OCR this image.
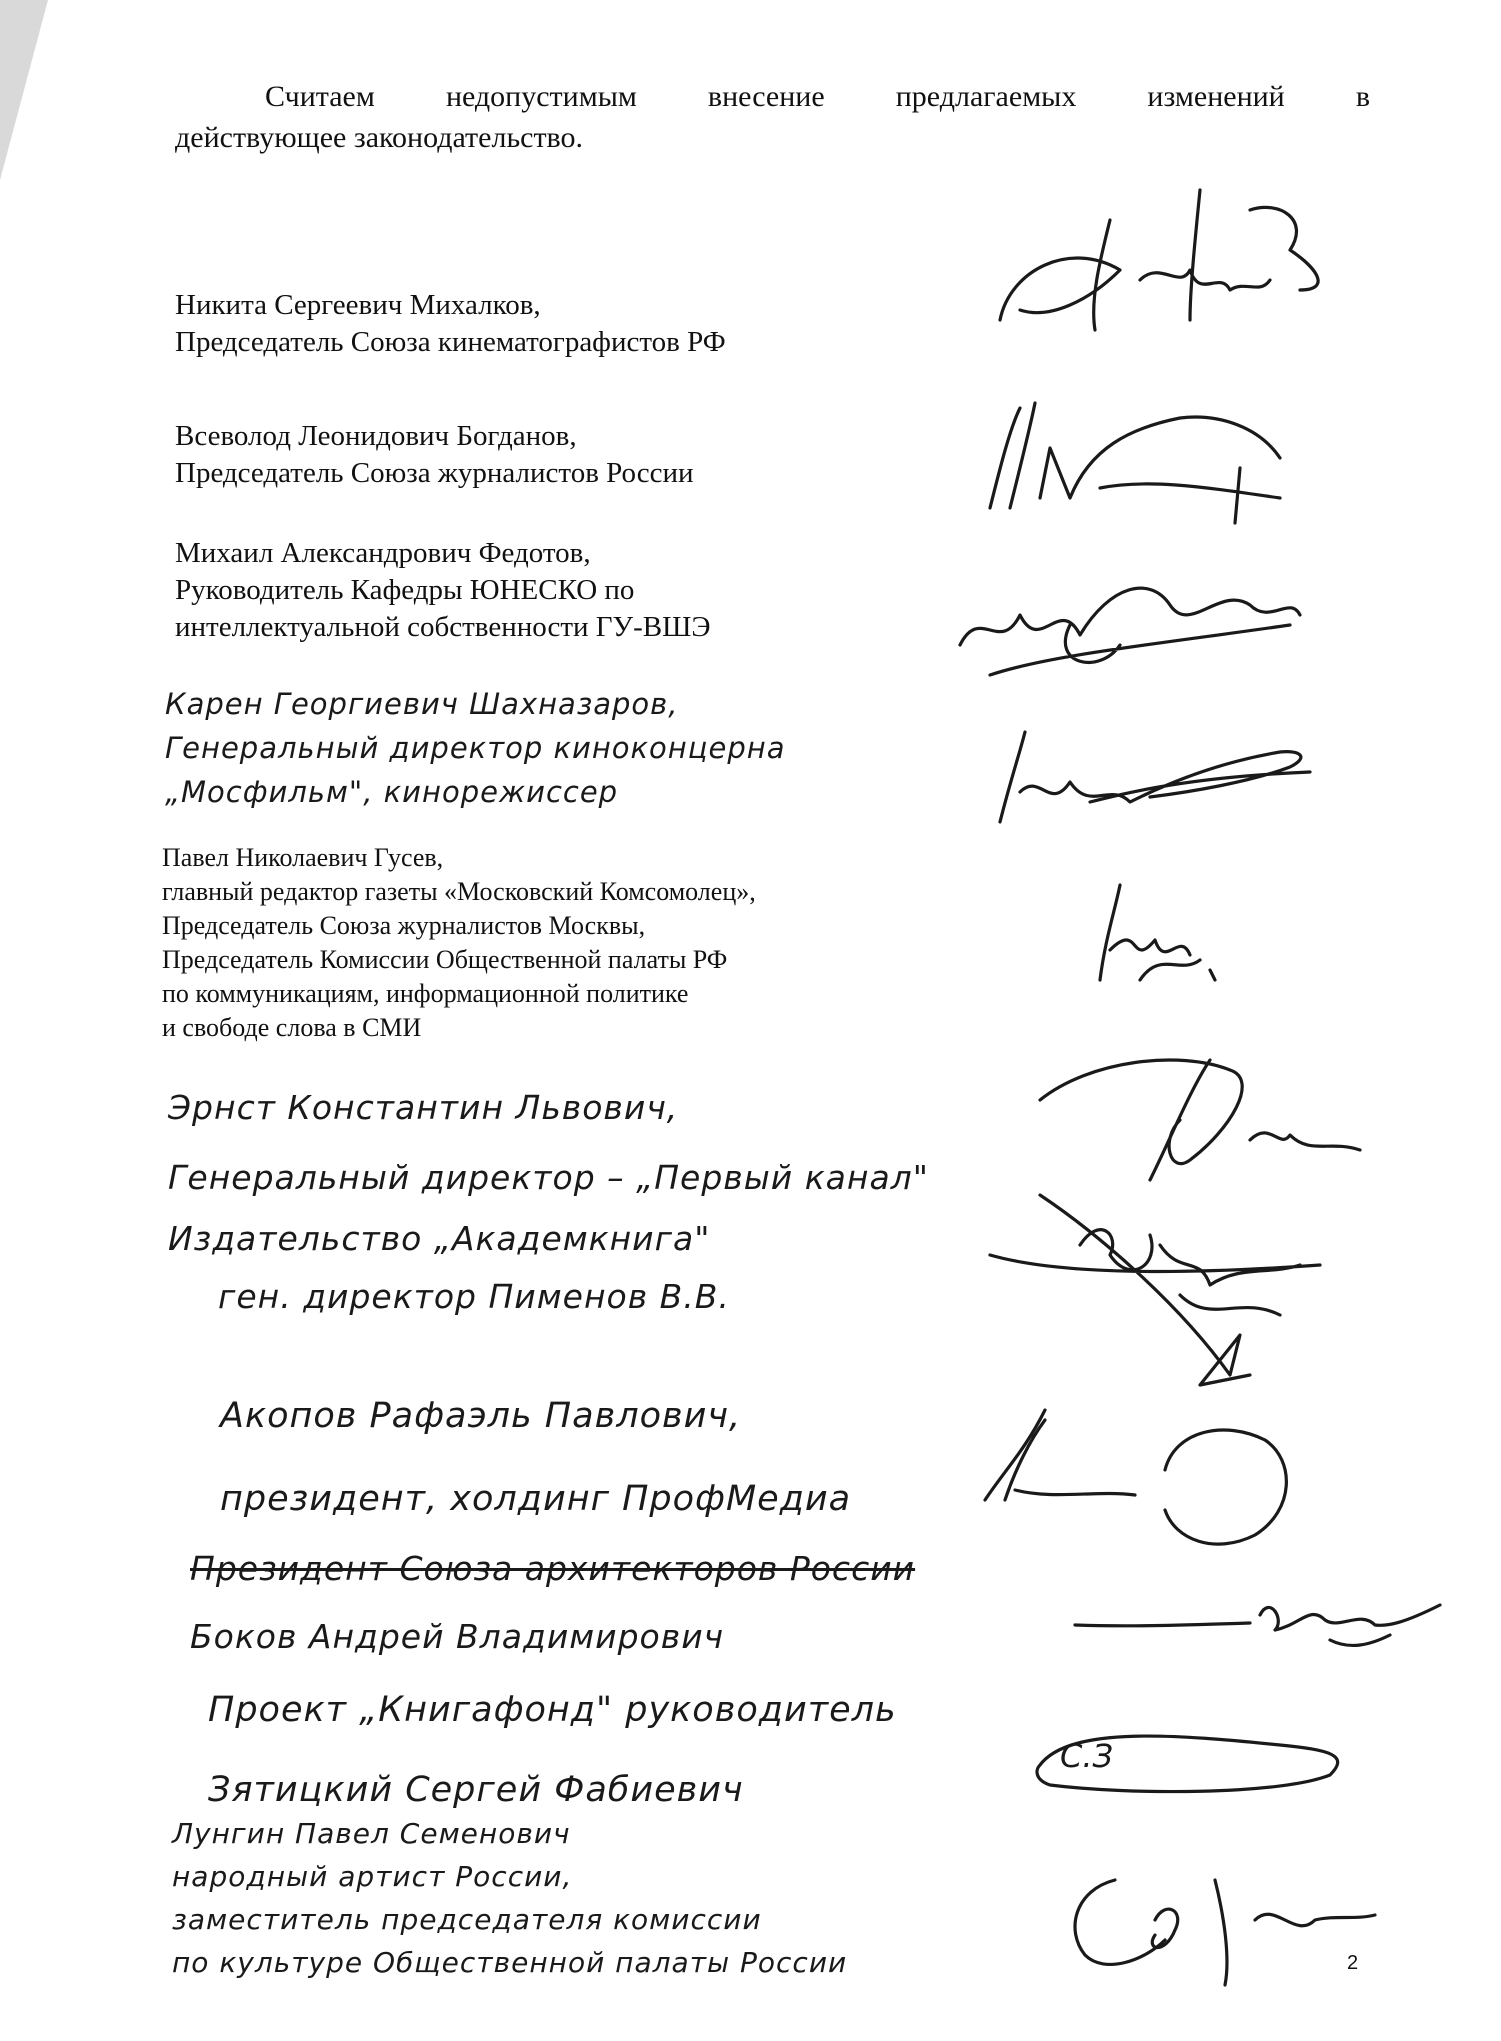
Считаем недопустимым внесение предлагаемых изменений в
действующее законодательство.
Никита Сергеевич Михалков,
Председатель Союза кинематографистов РФ
Всеволод Леонидович Богданов,
Председатель Союза журналистов России
Михаил Александрович Федотов,
Руководитель Кафедры ЮНЕСКО по
интеллектуальной собственности ГУ-ВШЭ
Павел Николаевич Гусев,
главный редактор газеты «Московский Комсомолец»,
Председатель Союза журналистов Москвы,
Председатель Комиссии Общественной палаты РФ
по коммуникациям, информационной политике
и свободе слова в СМИ
Карен Георгиевич Шахназаров,
Генеральный директор киноконцерна
„Мосфильм", кинорежиссер
Эрнст Константин Львович,
Генеральный директор – „Первый канал"
Издательство „Академкнига"
ген. директор Пименов В.В.
Акопов Рафаэль Павлович,
президент, холдинг ПрофМедиа
Президент Союза архитекторов России
Боков Андрей Владимирович
Проект „Книгафонд" руководитель
Зятицкий Сергей Фабиевич
Лунгин Павел Семенович
народный артист России,
заместитель председателя комиссии
по культуре Общественной палаты России
С.З
2
